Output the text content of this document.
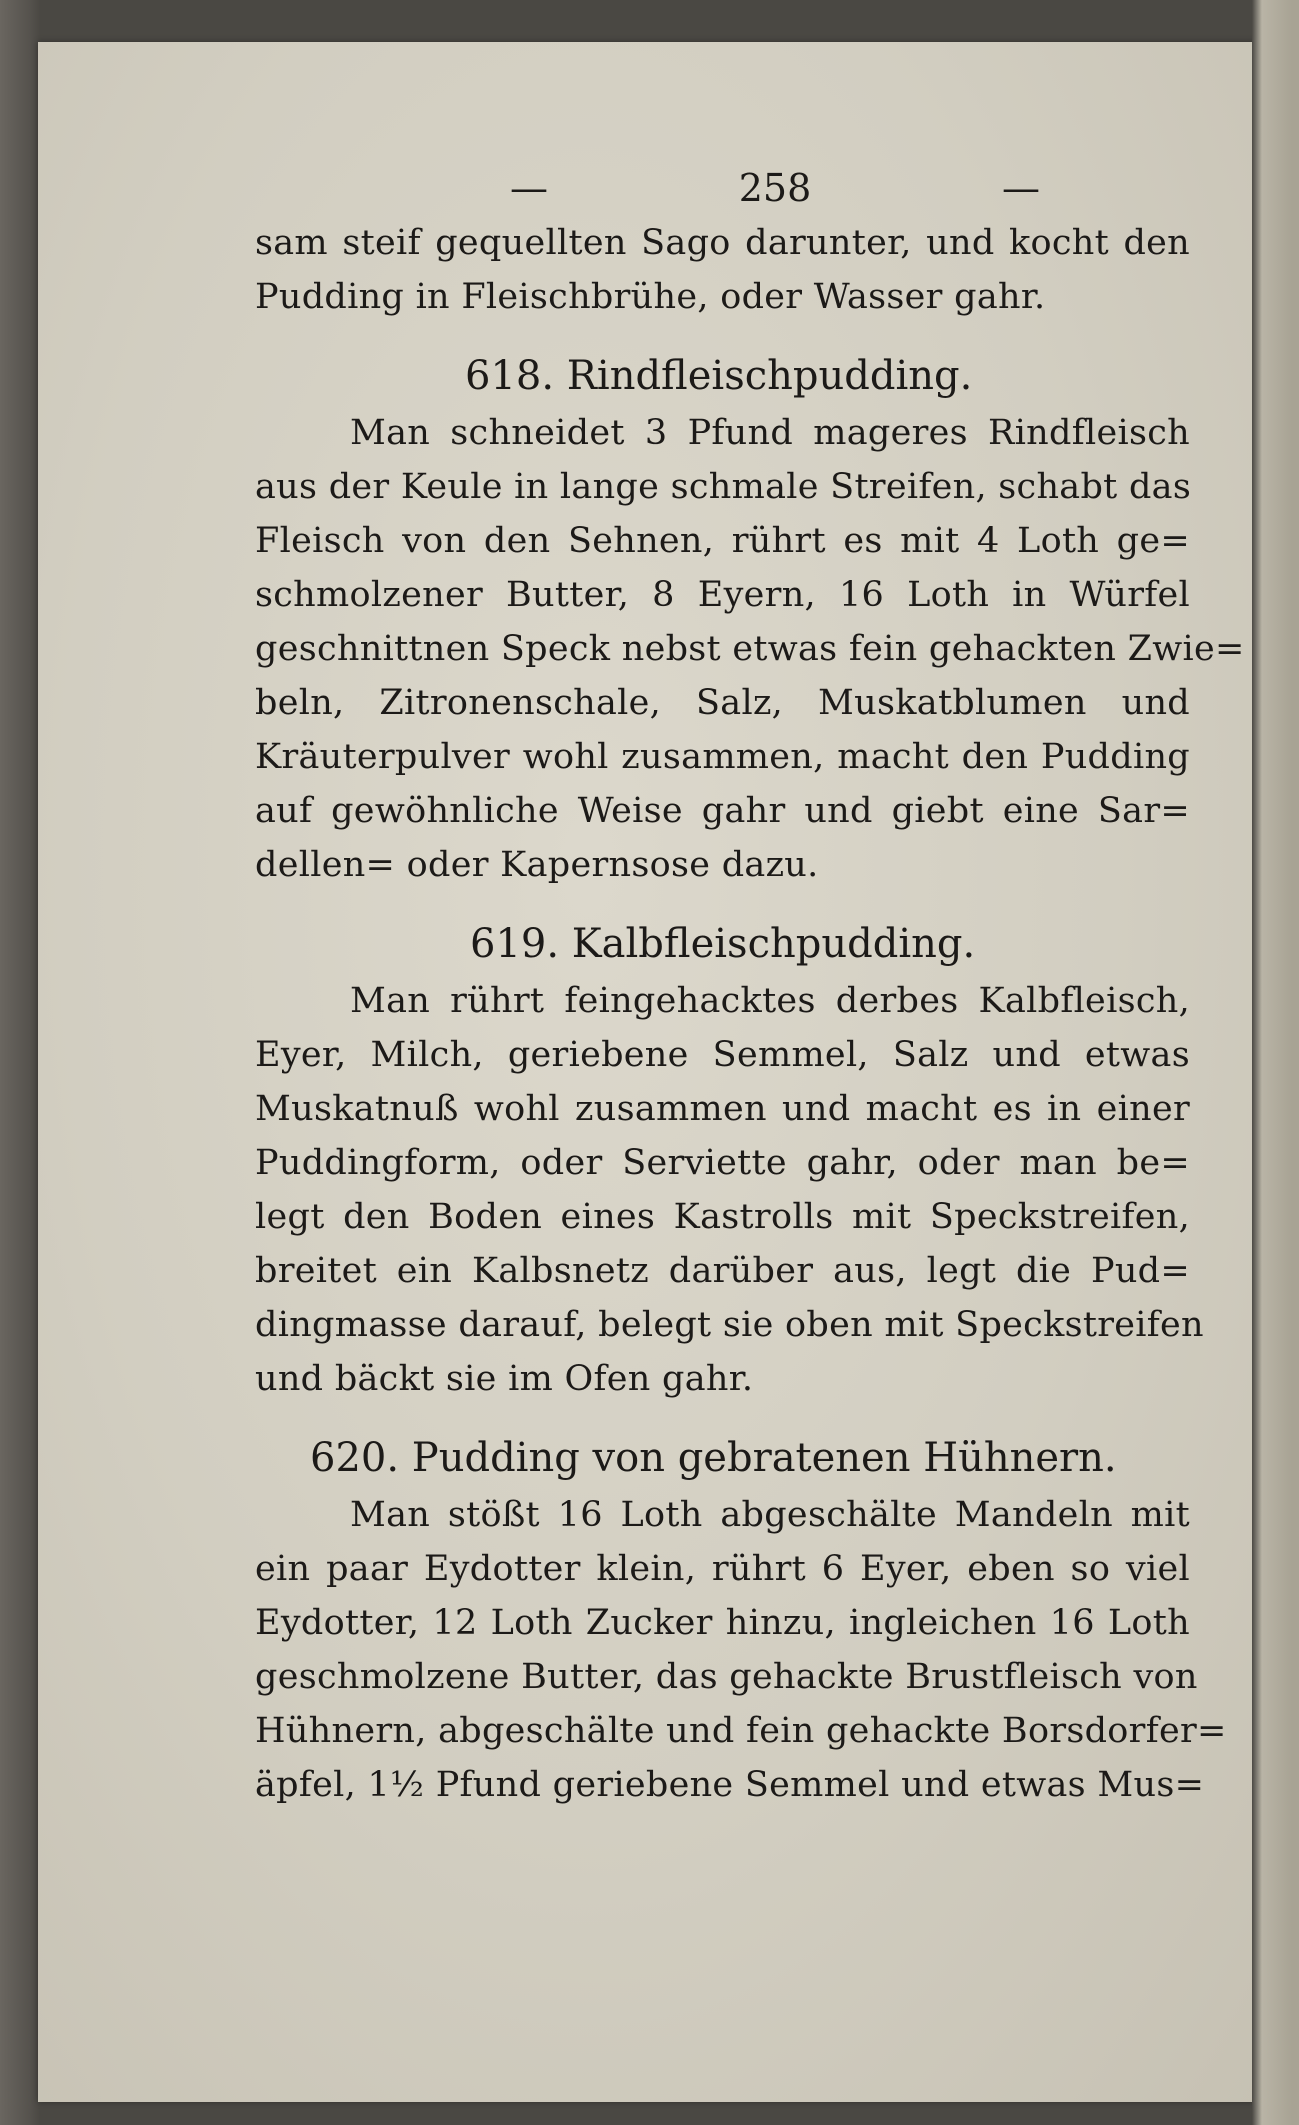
—	258	—
sam steif gequellten Sago darunter, und kocht den
Pudding in Fleischbrühe, oder Wasser gahr.
618. Rindfleischpudding.
Man schneidet 3 Pfund mageres Rindfleisch
aus der Keule in lange schmale Streifen, schabt das
Fleisch von den Sehnen, rührt es mit 4 Loth ge=
schmolzener Butter, 8 Eyern, 16 Loth in Würfel
geschnittnen Speck nebst etwas fein gehackten Zwie=
beln, Zitronenschale, Salz, Muskatblumen und
Kräuterpulver wohl zusammen, macht den Pudding
auf gewöhnliche Weise gahr und giebt eine Sar=
dellen= oder Kapernsose dazu.
619. Kalbfleischpudding.
Man rührt feingehacktes derbes Kalbfleisch,
Eyer, Milch, geriebene Semmel, Salz und etwas
Muskatnuß wohl zusammen und macht es in einer
Puddingform, oder Serviette gahr, oder man be=
legt den Boden eines Kastrolls mit Speckstreifen,
breitet ein Kalbsnetz darüber aus, legt die Pud=
dingmasse darauf, belegt sie oben mit Speckstreifen
und bäckt sie im Ofen gahr.
620. Pudding von gebratenen Hühnern.
Man stößt 16 Loth abgeschälte Mandeln mit
ein paar Eydotter klein, rührt 6 Eyer, eben so viel
Eydotter, 12 Loth Zucker hinzu, ingleichen 16 Loth
geschmolzene Butter, das gehackte Brustfleisch von
Hühnern, abgeschälte und fein gehackte Borsdorfer=
äpfel, 1½ Pfund geriebene Semmel und etwas Mus=
